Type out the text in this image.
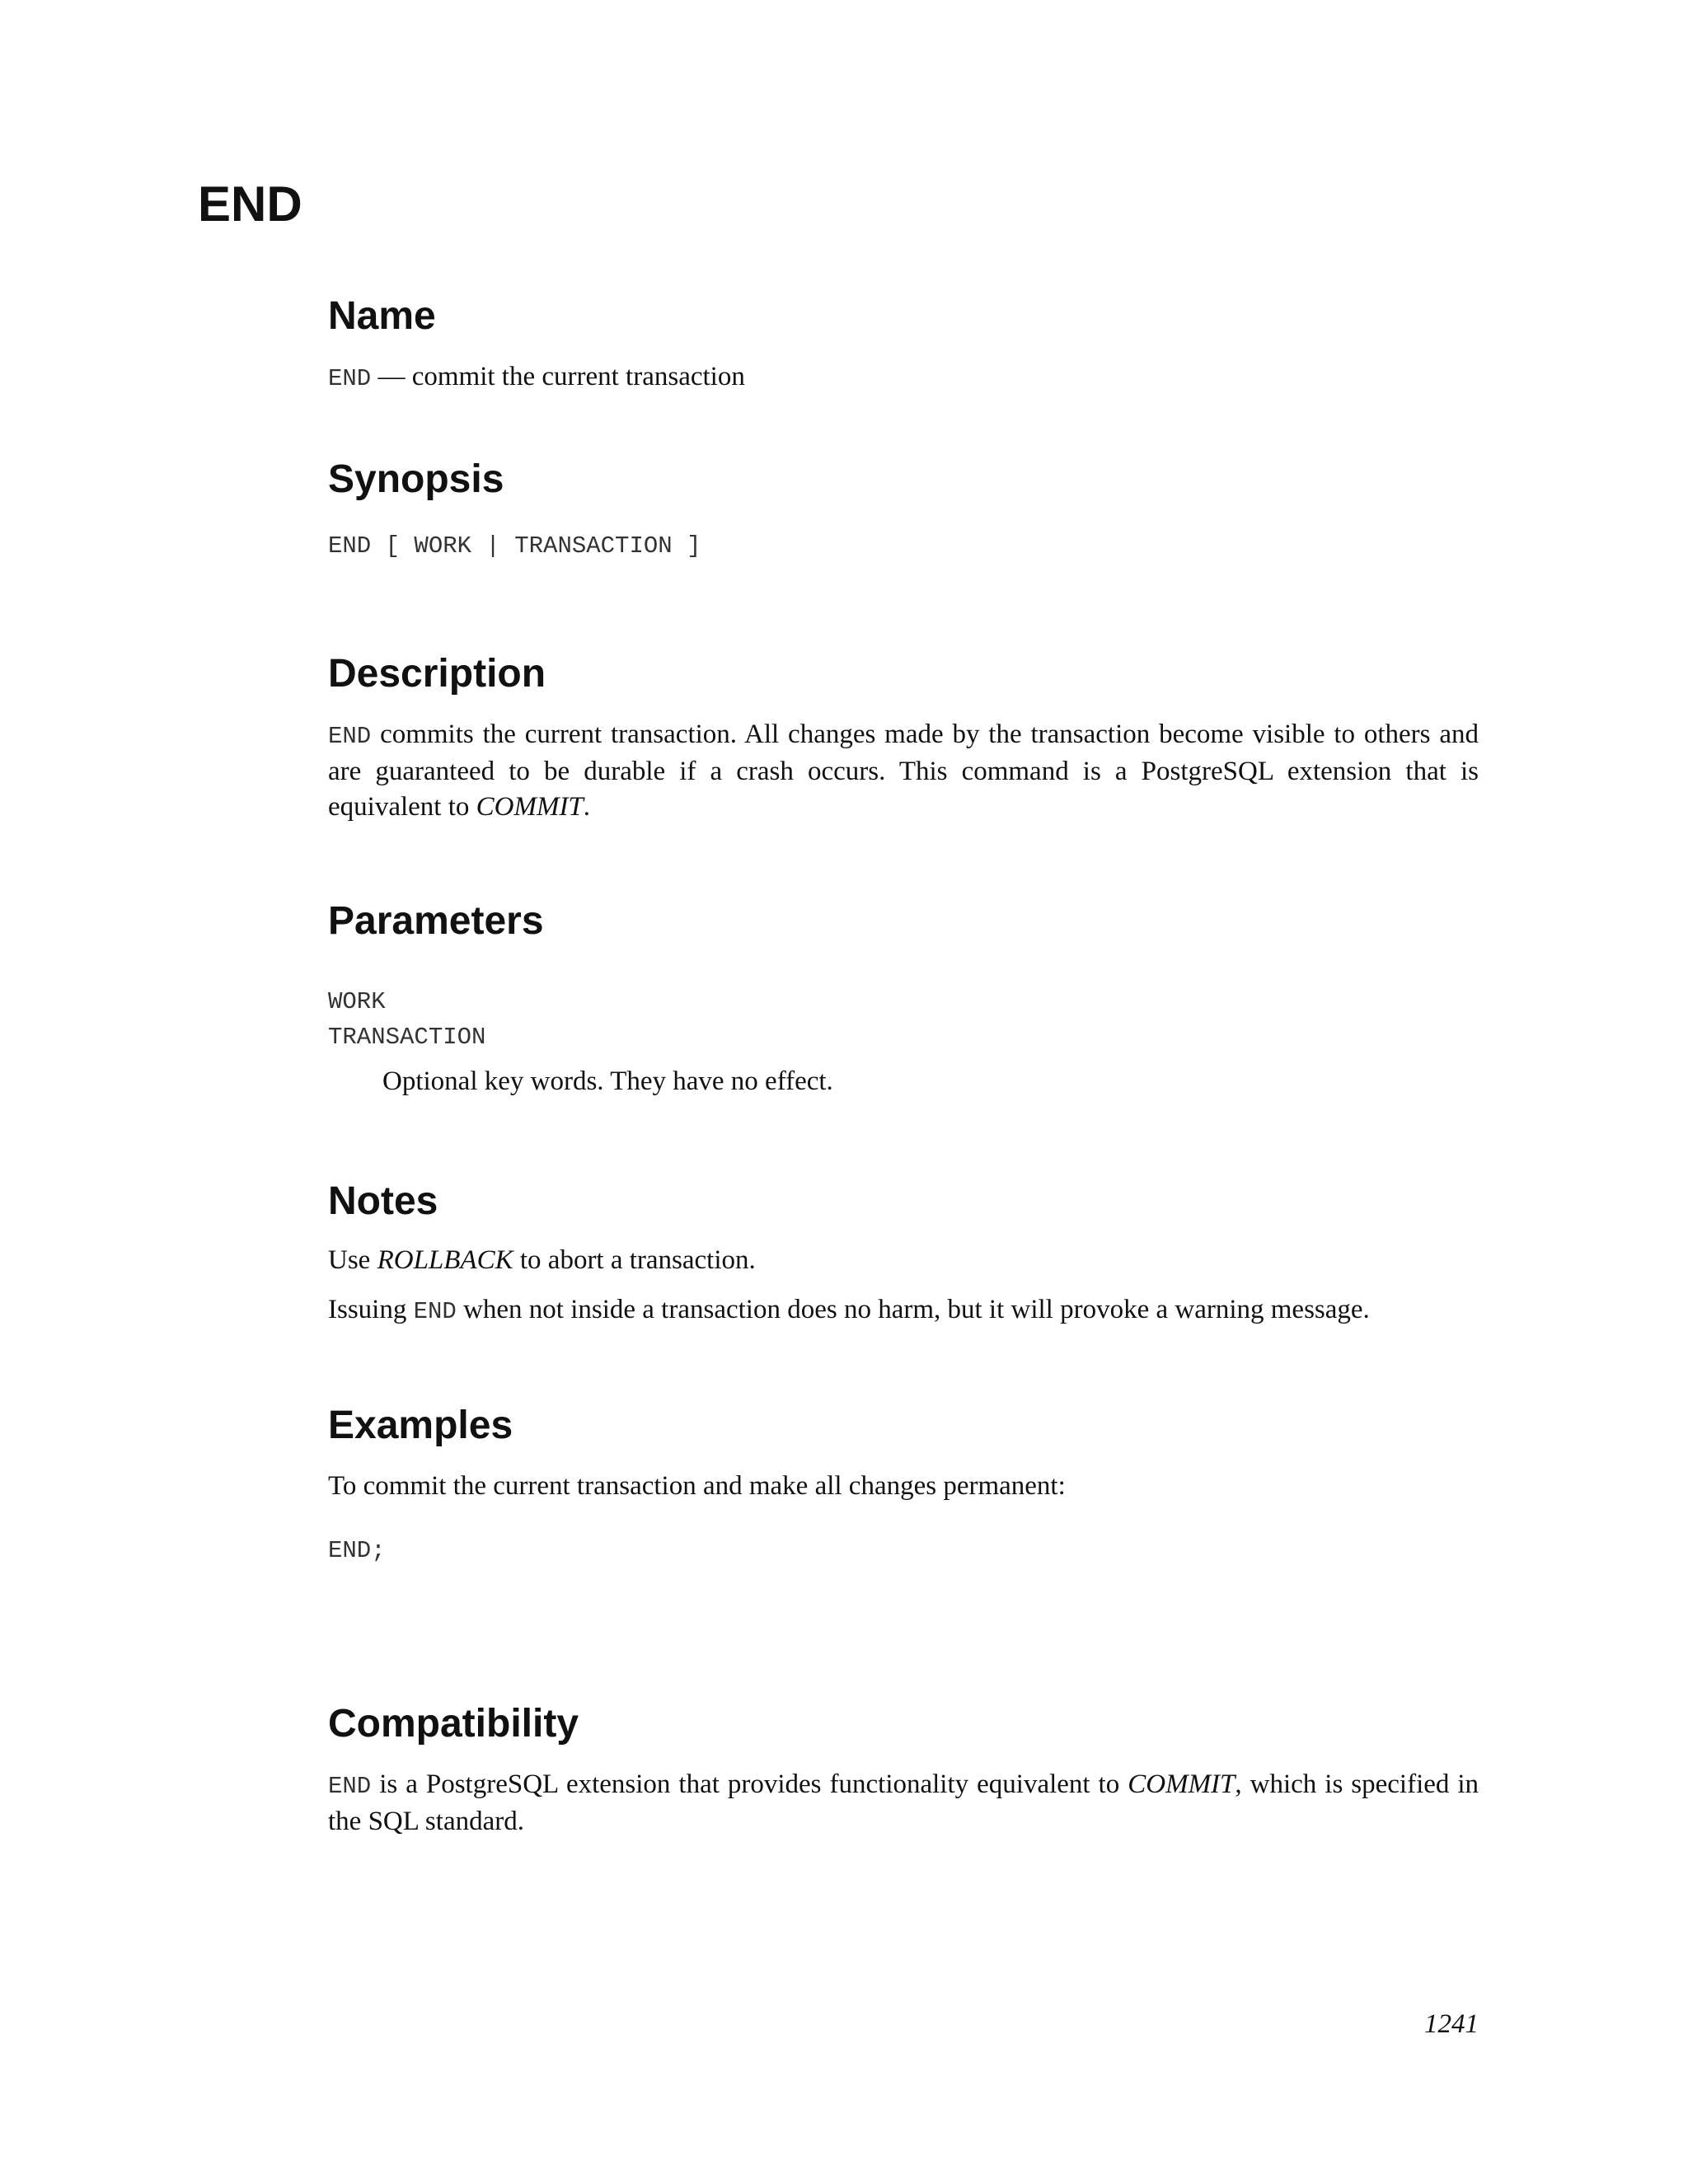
END
Name

END — commit the current transaction

Synopsis
END [ WORK | TRANSACTION ]
Description

END commits the current transaction. All changes made by the transaction become visible to others and are guaranteed to be durable if a crash occurs. This command is a PostgreSQL extension that is equivalent to COMMIT.

Parameters
WORK
TRANSACTION

Optional key words. They have no effect.

Notes

Use ROLLBACK to abort a transaction.

Issuing END when not inside a transaction does no harm, but it will provoke a warning message.

Examples

To commit the current transaction and make all changes permanent:

END;
Compatibility

END is a PostgreSQL extension that provides functionality equivalent to COMMIT, which is specified in the SQL standard.

1241
